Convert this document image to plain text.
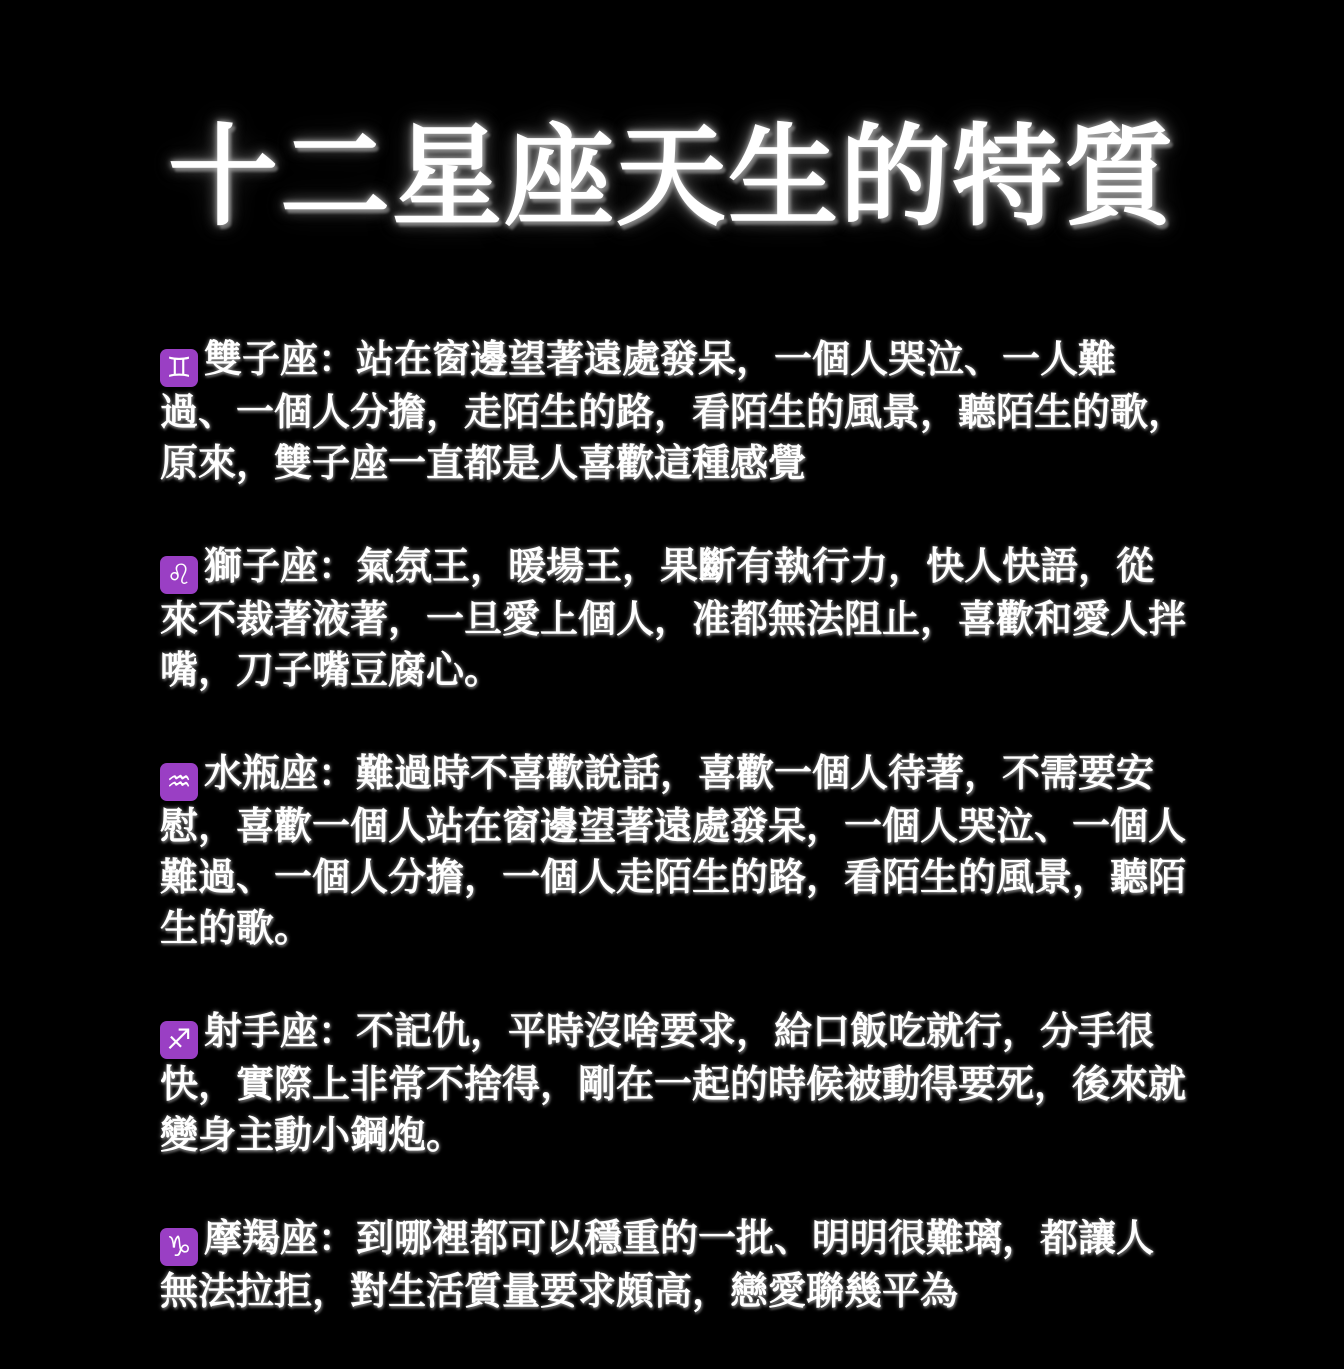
十二星座天生的特質
♊ 雙子座：站在窗邊望著遠處發呆，一個人哭泣、一人難過、一個人分擔，走陌生的路，看陌生的風景，聽陌生的歌，原來，雙子座一直都是人喜歡這種感覺
♌ 獅子座：氣氛王，暖場王，果斷有執行力，快人快語，從來不裁著液著，一旦愛上個人，准都無法阻止，喜歡和愛人拌嘴，刀子嘴豆腐心。
♒ 水瓶座：難過時不喜歡說話，喜歡一個人待著，不需要安慰，喜歡一個人站在窗邊望著遠處發呆，一個人哭泣、一個人難過、一個人分擔，一個人走陌生的路，看陌生的風景，聽陌生的歌。
♐ 射手座：不記仇，平時沒啥要求，給口飯吃就行，分手很快，實際上非常不捨得，剛在一起的時候被動得要死，後來就變身主動小鋼炮。
♑ 摩羯座：到哪裡都可以穩重的一批、明明很難璃，都讓人無法拉拒，對生活質量要求頗高，戀愛聯幾平為
